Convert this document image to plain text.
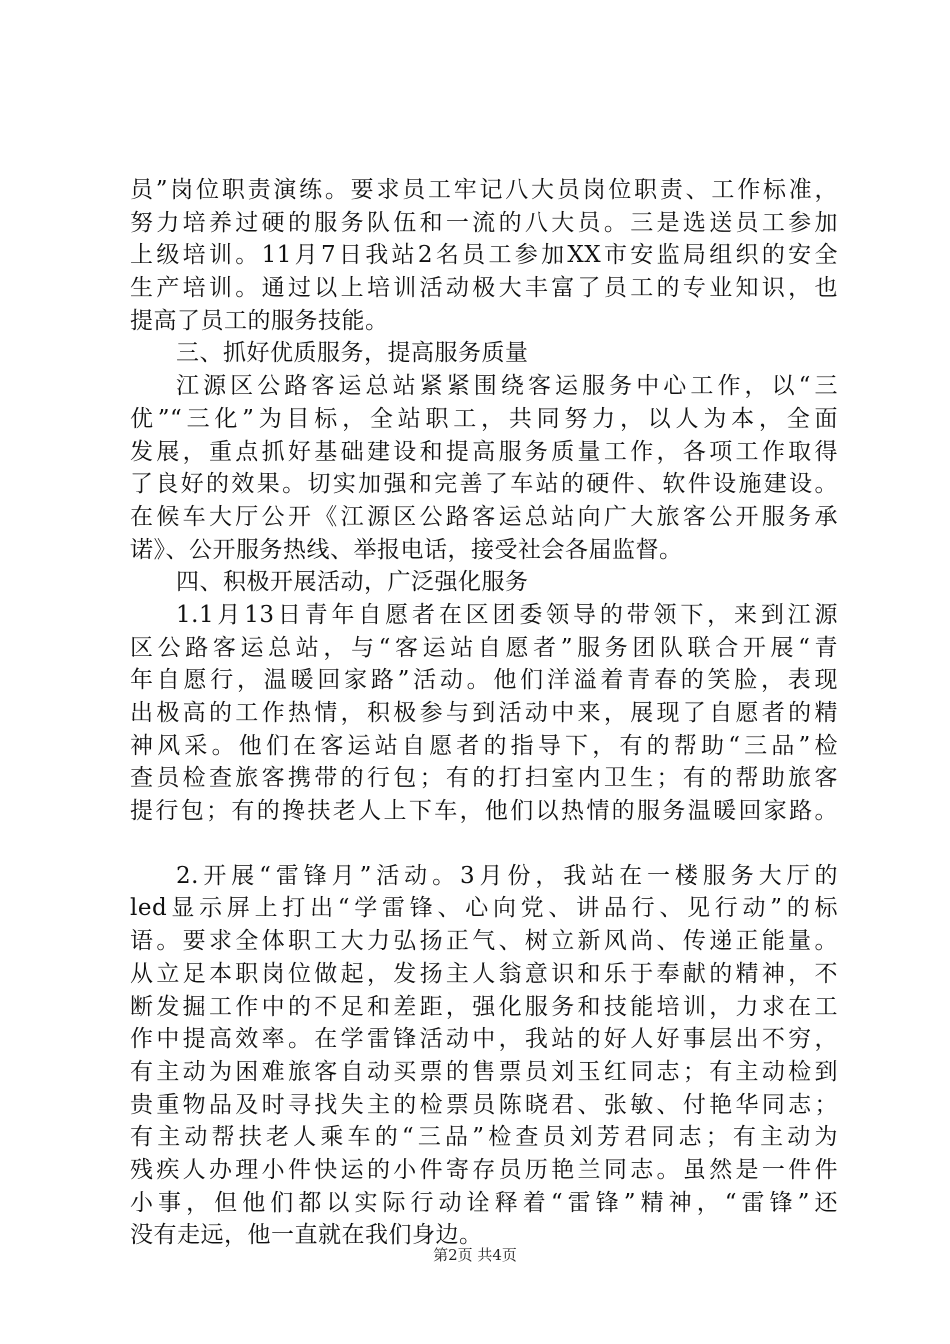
员”岗位职责演练。要求员工牢记八大员岗位职责、工作标准，
努力培养过硬的服务队伍和一流的八大员。三是选送员工参加
上级培训。11月7日我站2名员工参加XX市安监局组织的安全
生产培训。通过以上培训活动极大丰富了员工的专业知识，也
提高了员工的服务技能。
三、抓好优质服务，提高服务质量
江源区公路客运总站紧紧围绕客运服务中心工作，以“三
优”“三化”为目标，全站职工，共同努力，以人为本，全面
发展，重点抓好基础建设和提高服务质量工作，各项工作取得
了良好的效果。切实加强和完善了车站的硬件、软件设施建设。
在候车大厅公开《江源区公路客运总站向广大旅客公开服务承
诺》、公开服务热线、举报电话，接受社会各届监督。
四、积极开展活动，广泛强化服务
1.1月13日青年自愿者在区团委领导的带领下，来到江源
区公路客运总站，与“客运站自愿者”服务团队联合开展“青
年自愿行，温暖回家路”活动。他们洋溢着青春的笑脸，表现
出极高的工作热情，积极参与到活动中来，展现了自愿者的精
神风采。他们在客运站自愿者的指导下，有的帮助“三品”检
查员检查旅客携带的行包；有的打扫室内卫生；有的帮助旅客
提行包；有的搀扶老人上下车，他们以热情的服务温暖回家路。
2.开展“雷锋月”活动。3月份，我站在一楼服务大厅的
led显示屏上打出“学雷锋、心向党、讲品行、见行动”的标
语。要求全体职工大力弘扬正气、树立新风尚、传递正能量。
从立足本职岗位做起，发扬主人翁意识和乐于奉献的精神，不
断发掘工作中的不足和差距，强化服务和技能培训，力求在工
作中提高效率。在学雷锋活动中，我站的好人好事层出不穷，
有主动为困难旅客自动买票的售票员刘玉红同志；有主动检到
贵重物品及时寻找失主的检票员陈晓君、张敏、付艳华同志；
有主动帮扶老人乘车的“三品”检查员刘芳君同志；有主动为
残疾人办理小件快运的小件寄存员历艳兰同志。虽然是一件件
小事，但他们都以实际行动诠释着“雷锋”精神，“雷锋”还
没有走远，他一直就在我们身边。
第2页 共4页
